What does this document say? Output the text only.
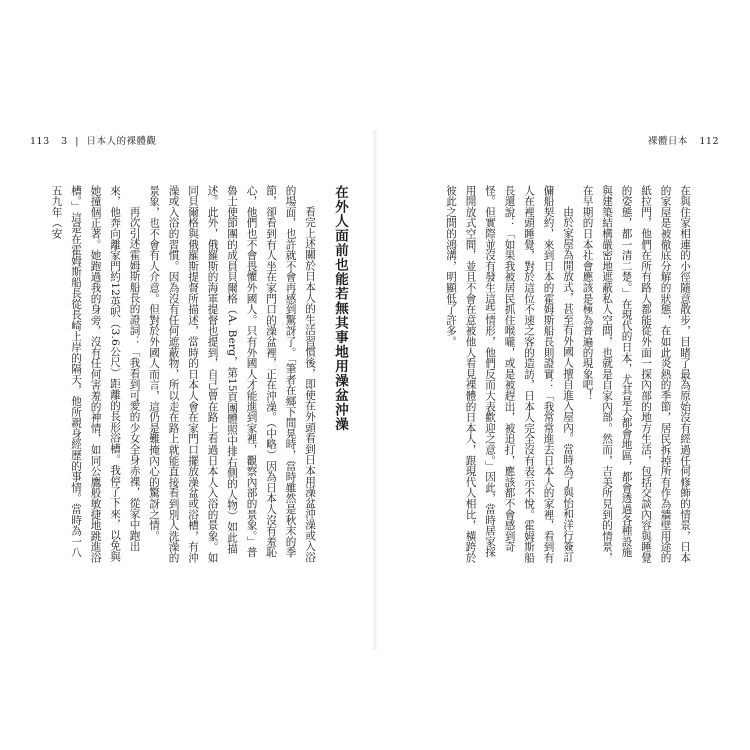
113 3 | 日本人的裸體觀
在外人面前也能若無其事地用澡盆沖澡

看完上述關於日本人的生活習慣後，即使在外頭看到日本用澡盆沖澡或入浴的場面，也許就不會再感到驚訝了。「筆者在鄉下閒晃時，當時雖然是秋末的季節，卻看到有人坐在家門口的澡盆裡，正在沖澡。（中略）因為日本人沒有羞恥心，他們也不會畏懼外國人。只有外國人才能進到家裡，觀察內部的景象。」普魯士使節團的成員貝爾格（A. Berg，第15頁團體照中排右側的人物）如此描述。此外，俄羅斯的海軍提督也提到，自己曾在路上看過日本人入浴的景象。如同貝爾格與俄羅斯提督所描述，當時的日本人會在家門口擺放澡盆或浴槽，有沖澡或入浴的習慣。因為沒有任何遮蔽物，所以走在路上就能直接看到別人洗澡的景象，也不會有人介意。但對於外國人而言，這仍是難掩內心的驚訝之情。

再次引述霍姆斯船長的證詞：「我看到可愛的少女全身赤裸，從家中跑出來，他奔向離家門約12英呎（3.6公尺）距離的長形浴槽。我停了下來，以免與她撞個正著。她跑過我的身旁，沒有任何害羞的神情，如同公鷹般敏捷地跳進浴槽。」這是在霍姆斯船長從長崎上岸的隔天，他所親身經歷的事情。當時為一八五九年（安

裸體日本 112

在與住家相連的小徑隨意散步，目睹了最為原始沒有經過任何修飾的情景，日本的家屋是被徹底分解的狀態，在如此炎熱的季節，居民拆掉所有作為牆壁用途的紙拉門，他們在所有路人都能從外面一探內部的地方生活，包括交談內容與睡覺的姿態，都一清二楚。」在現代的日本，尤其是大都會地區，都會透過各種設施與建築結構嚴密地遮蔽私人空間，也就是自家內部。然而，吉美所見到的情景，在早期的日本社會應該是極為普遍的現象吧！

由於家屋為開放式，甚至有外國人擅自進入屋內。當時為了與怡和洋行簽訂傭船契約，來到日本的霍姆斯船長則證實：「我常常進去日本人的家裡，看到有人在裡頭睡覺，對於這位不速之客的造訪，日本人完全沒有表示不悅。霍姆斯船長還說：「如果我被居民抓住喉嚨，或是被趕出，被追打，應該都不會感到奇怪。但實際並沒有發生這些情形，他們反而大表歡迎之意。」因此，當時居家採用開放式空間，並且不會在意被他人看見裸體的日本人，跟現代人相比，橫跨於彼此之間的鴻溝，明顯低了許多。
